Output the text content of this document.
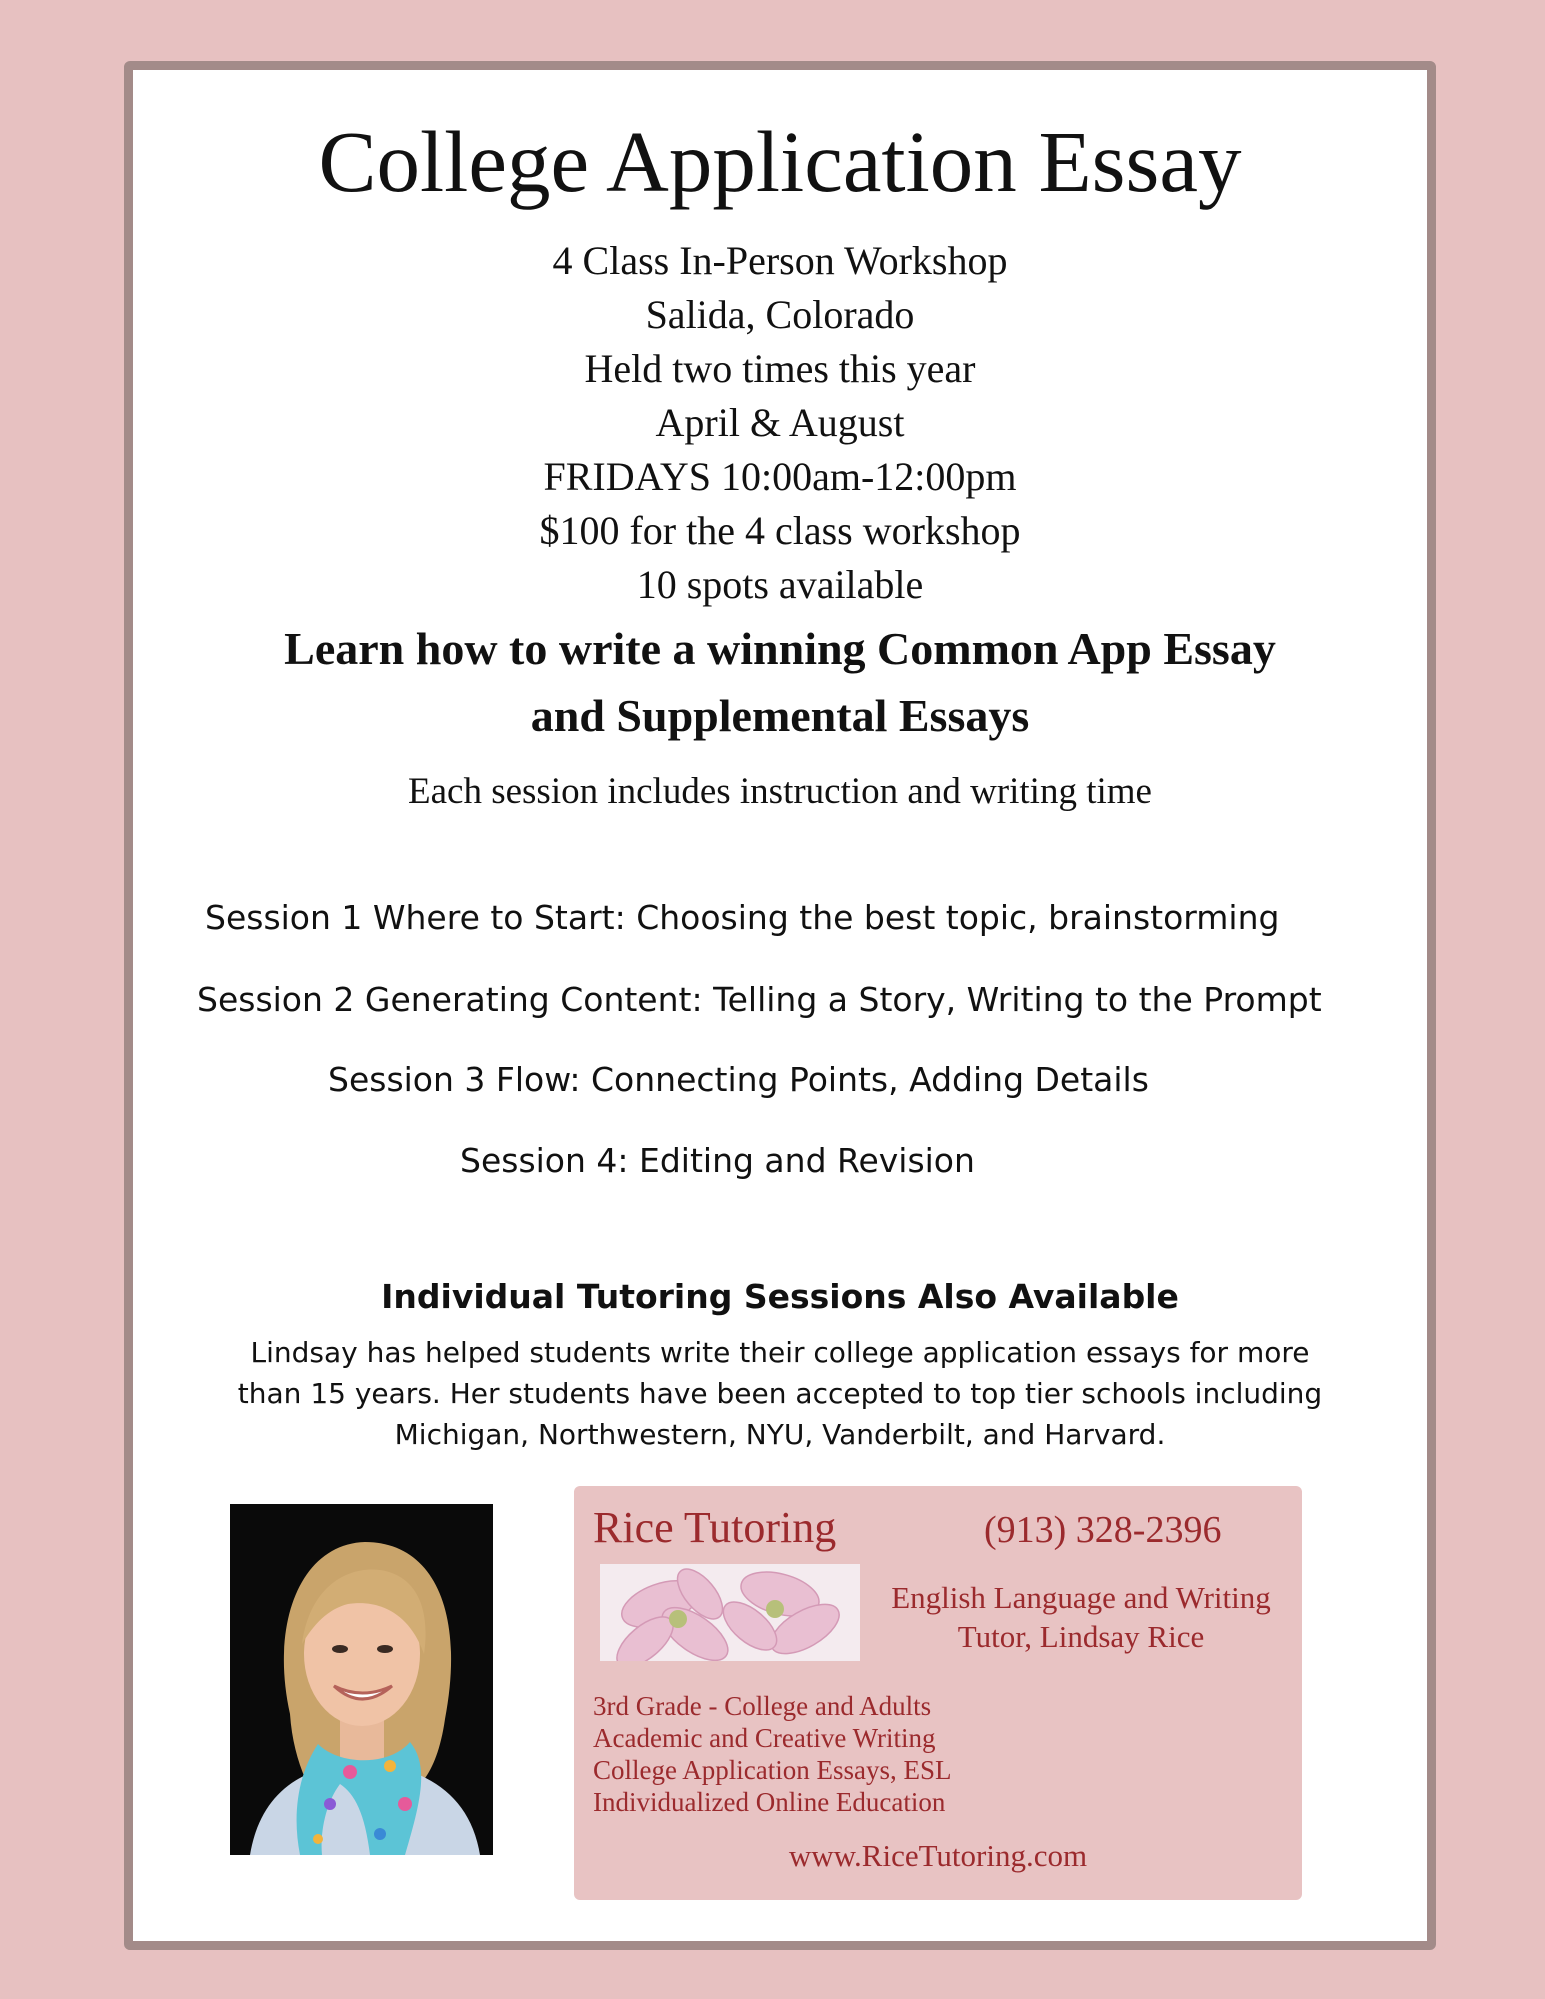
College Application Essay
4 Class In-Person Workshop
Salida, Colorado
Held two times this year
April & August
FRIDAYS 10:00am-12:00pm
$100 for the 4 class workshop
10 spots available
Learn how to write a winning Common App Essay
and Supplemental Essays
Each session includes instruction and writing time
Session 1 Where to Start: Choosing the best topic, brainstorming
Session 2 Generating Content: Telling a Story, Writing to the Prompt
Session 3 Flow: Connecting Points, Adding Details
Session 4: Editing and Revision
Individual Tutoring Sessions Also Available
Lindsay has helped students write their college application essays for more
than 15 years. Her students have been accepted to top tier schools including
Michigan, Northwestern, NYU, Vanderbilt, and Harvard.
Rice Tutoring	(913) 328-2396
English Language and Writing
Tutor, Lindsay Rice
3rd Grade - College and Adults
Academic and Creative Writing
College Application Essays, ESL
Individualized Online Education
www.RiceTutoring.com
